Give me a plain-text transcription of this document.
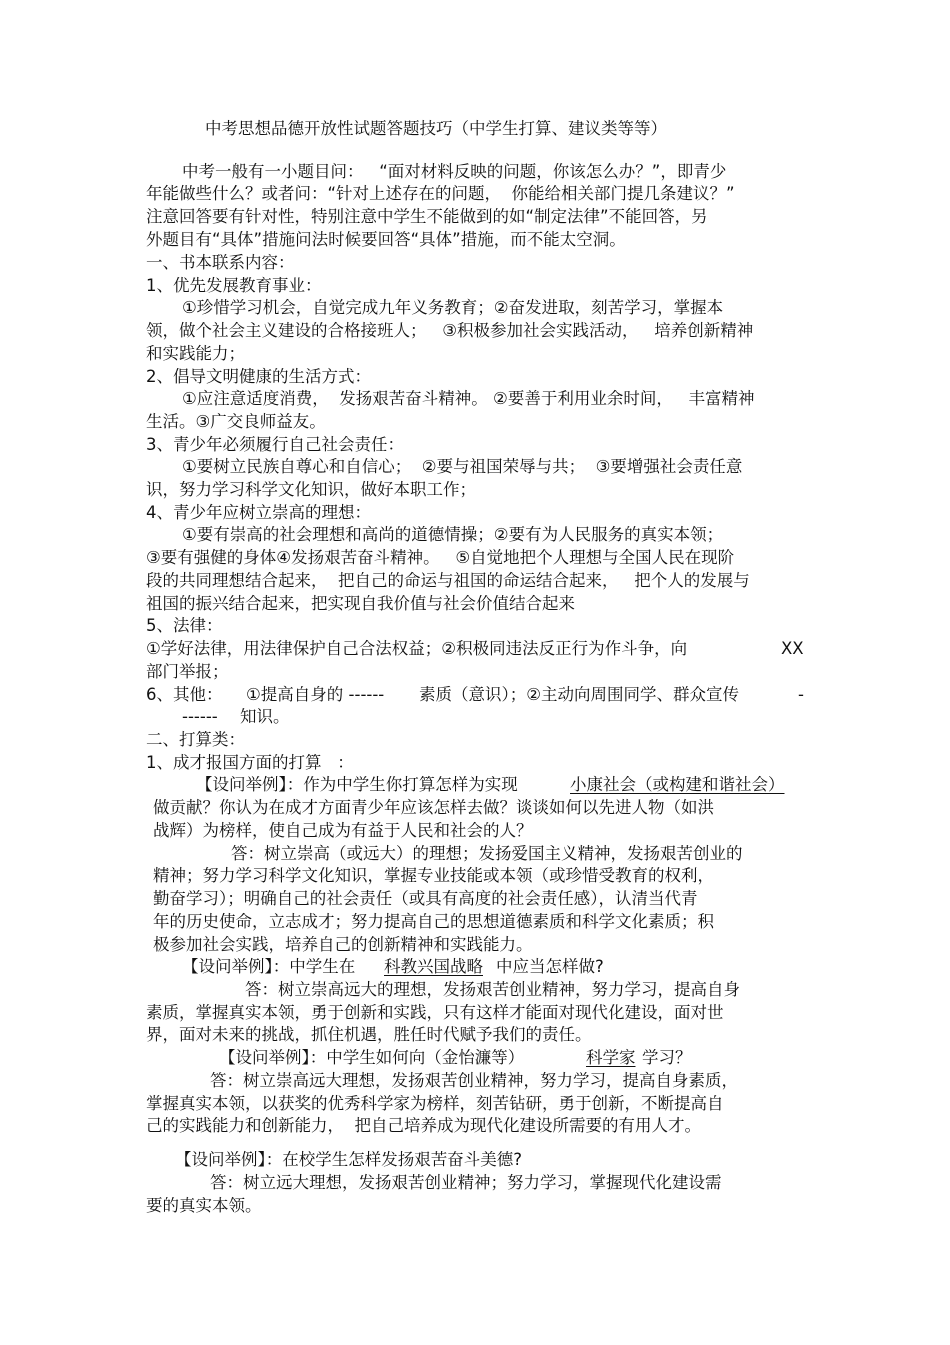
中考思想品德开放性试题答题技巧（中学生打算、建议类等等）
中考一般有一小题目问：   “面对材料反映的问题，你该怎么办？”，即青少
年能做些什么？或者问：“针对上述存在的问题，  你能给相关部门提几条建议？”
注意回答要有针对性，特别注意中学生不能做到的如“制定法律”不能回答，另
外题目有“具体”措施问法时候要回答“具体”措施，而不能太空洞。
一、书本联系内容：
1、优先发展教育事业：
①珍惜学习机会，自觉完成九年义务教育；②奋发进取，刻苦学习，掌握本
领，做个社会主义建设的合格接班人；   ③积极参加社会实践活动，   培养创新精神
和实践能力；
2、倡导文明健康的生活方式：
①应注意适度消费，  发扬艰苦奋斗精神。 ②要善于利用业余时间，   丰富精神
生活。③广交良师益友。
3、青少年必须履行自己社会责任：
①要树立民族自尊心和自信心；  ②要与祖国荣辱与共；  ③要增强社会责任意
识，努力学习科学文化知识，做好本职工作；
4、青少年应树立崇高的理想：
①要有崇高的社会理想和高尚的道德情操；②要有为人民服务的真实本领；
③要有强健的身体④发扬艰苦奋斗精神。   ⑤自觉地把个人理想与全国人民在现阶
段的共同理想结合起来，  把自己的命运与祖国的命运结合起来，   把个人的发展与
祖国的振兴结合起来，把实现自我价值与社会价值结合起来
5、法律：
①学好法律，用法律保护自己合法权益；②积极同违法反正行为作斗争，向	XX
部门举报；
6、其他： ①提高自身的 ------ 素质（意识）；②主动向周围同学、群众宣传	-
------ 知识。
二、打算类：
1、成才报国方面的打算   ：
【设问举例】：作为中学生你打算怎样为实现	小康社会（或构建和谐社会）
做贡献？你认为在成才方面青少年应该怎样去做？谈谈如何以先进人物（如洪
战辉）为榜样，使自己成为有益于人民和社会的人？
答：树立崇高（或远大）的理想；发扬爱国主义精神，发扬艰苦创业的
精神；努力学习科学文化知识，掌握专业技能或本领（或珍惜受教育的权利，
勤奋学习）；明确自己的社会责任（或具有高度的社会责任感），认清当代青
年的历史使命，立志成才；努力提高自己的思想道德素质和科学文化素质；积
极参加社会实践，培养自己的创新精神和实践能力。
【设问举例】：中学生在 科教兴国战略 中应当怎样做?
答：树立崇高远大的理想，发扬艰苦创业精神，努力学习，提高自身
素质，掌握真实本领，勇于创新和实践，只有这样才能面对现代化建设，面对世
界，面对未来的挑战，抓住机遇，胜任时代赋予我们的责任。
【设问举例】：中学生如何向（金怡濂等）	科学家 学习？
答：树立崇高远大理想，发扬艰苦创业精神，努力学习，提高自身素质，
掌握真实本领，以获奖的优秀科学家为榜样，刻苦钻研，勇于创新，不断提高自
己的实践能力和创新能力，  把自己培养成为现代化建设所需要的有用人才。
【设问举例】：在校学生怎样发扬艰苦奋斗美德?
答：树立远大理想，发扬艰苦创业精神；努力学习，掌握现代化建设需
要的真实本领。
